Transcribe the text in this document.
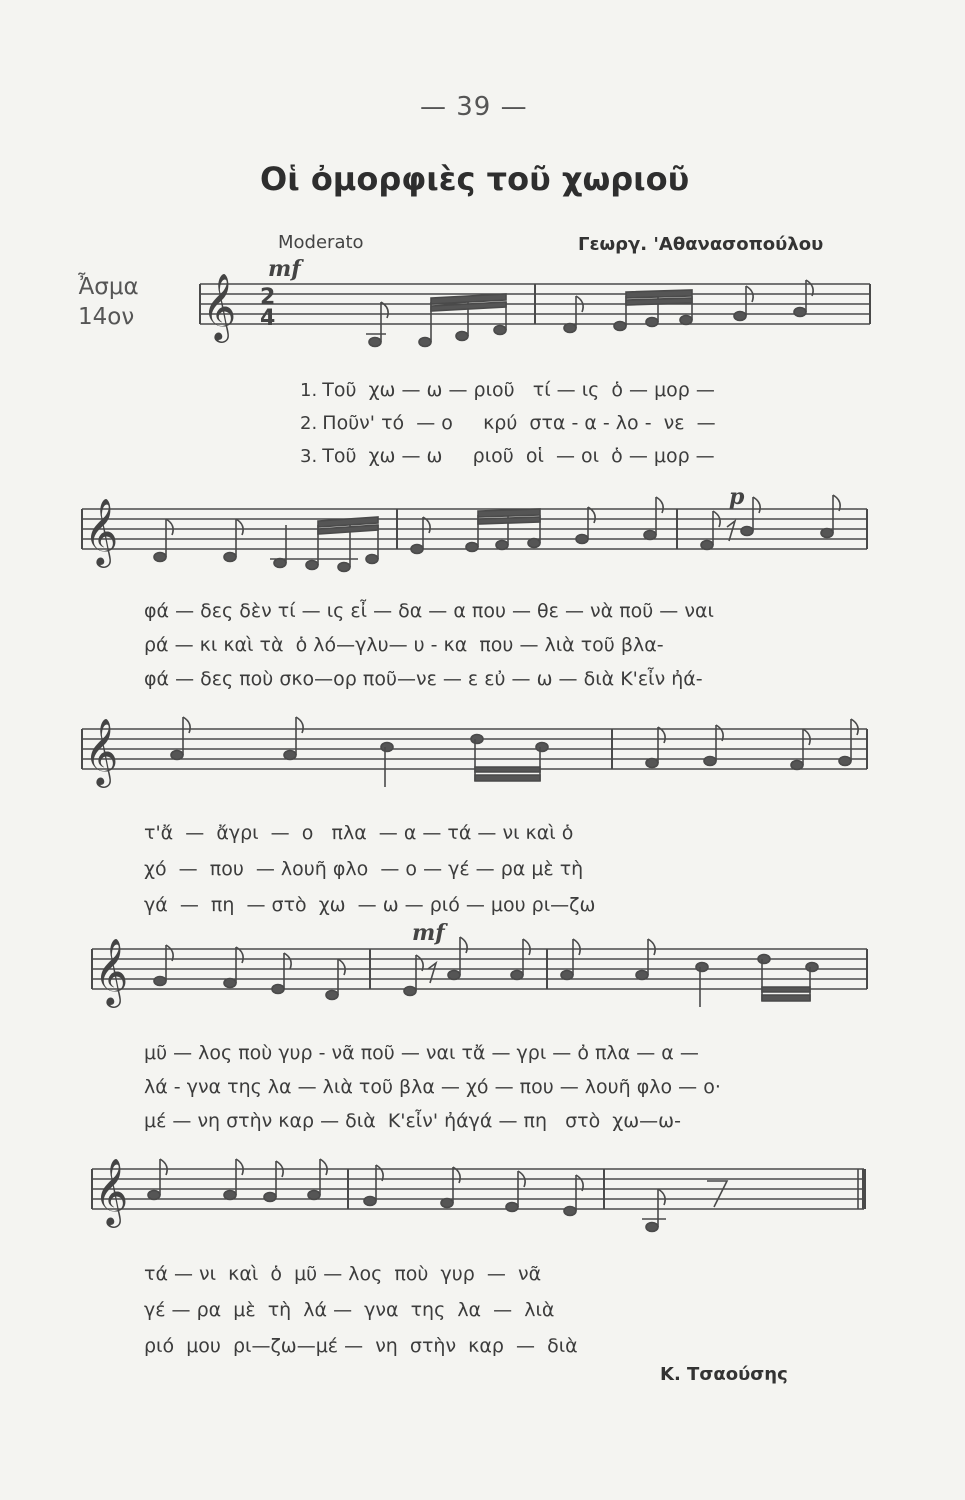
— 39 —
Οἱ ὀμορφιὲς τοῦ χωριοῦ
Moderato	Γεωργ. 'Αθανασοπούλου
Ἆσμα
14ον 𝄞 2
4
mf
1. Τοῦ  χω — ω — ριοῦ   τί — ις  ὁ — μορ —
2. Ποῦν' τό  — ο     κρύ  στα - α - λο -  νε  —
3. Τοῦ  χω — ω     ριοῦ  οἱ  — οι  ὁ — μορ —
𝄞	p
φά — δες δὲν τί — ις εἶ — δα — α που — θε — νὰ ποῦ — ναι
ρά — κι καὶ τὰ  ὁ λό—γλυ— υ - κα  που — λιὰ τοῦ βλα-
φά — δες ποὺ σκο—ορ ποῦ—νε — ε εὐ — ω — διὰ Κ'εἶν ἠά-
𝄞
τ'ἄ  —  ἄγρι  —  ο   πλα  — α — τά — νι καὶ ὁ
χό  —  που  — λουῆ φλο  — ο — γέ — ρα μὲ τὴ
γά  —  πη  — στὸ  χω  — ω — ριό — μου ρι—ζω
𝄞
mf
μῦ — λος ποὺ γυρ - νᾶ ποῦ — ναι τἄ — γρι — ὀ πλα — α —
λά - γνα της λα — λιὰ τοῦ βλα — χό — που — λουῆ φλο — ο·
μέ — νη στὴν καρ — διὰ  Κ'εἶν' ἠάγά — πη   στὸ  χω—ω-
𝄞
τά — νι  καὶ  ὁ  μῦ — λος  ποὺ  γυρ  —  νᾶ
γέ — ρα  μὲ  τὴ  λά —  γνα  της  λα  —  λιὰ
ριό  μου  ρι—ζω—μέ —  νη  στὴν  καρ  —  διὰ
Κ. Τσαούσης
